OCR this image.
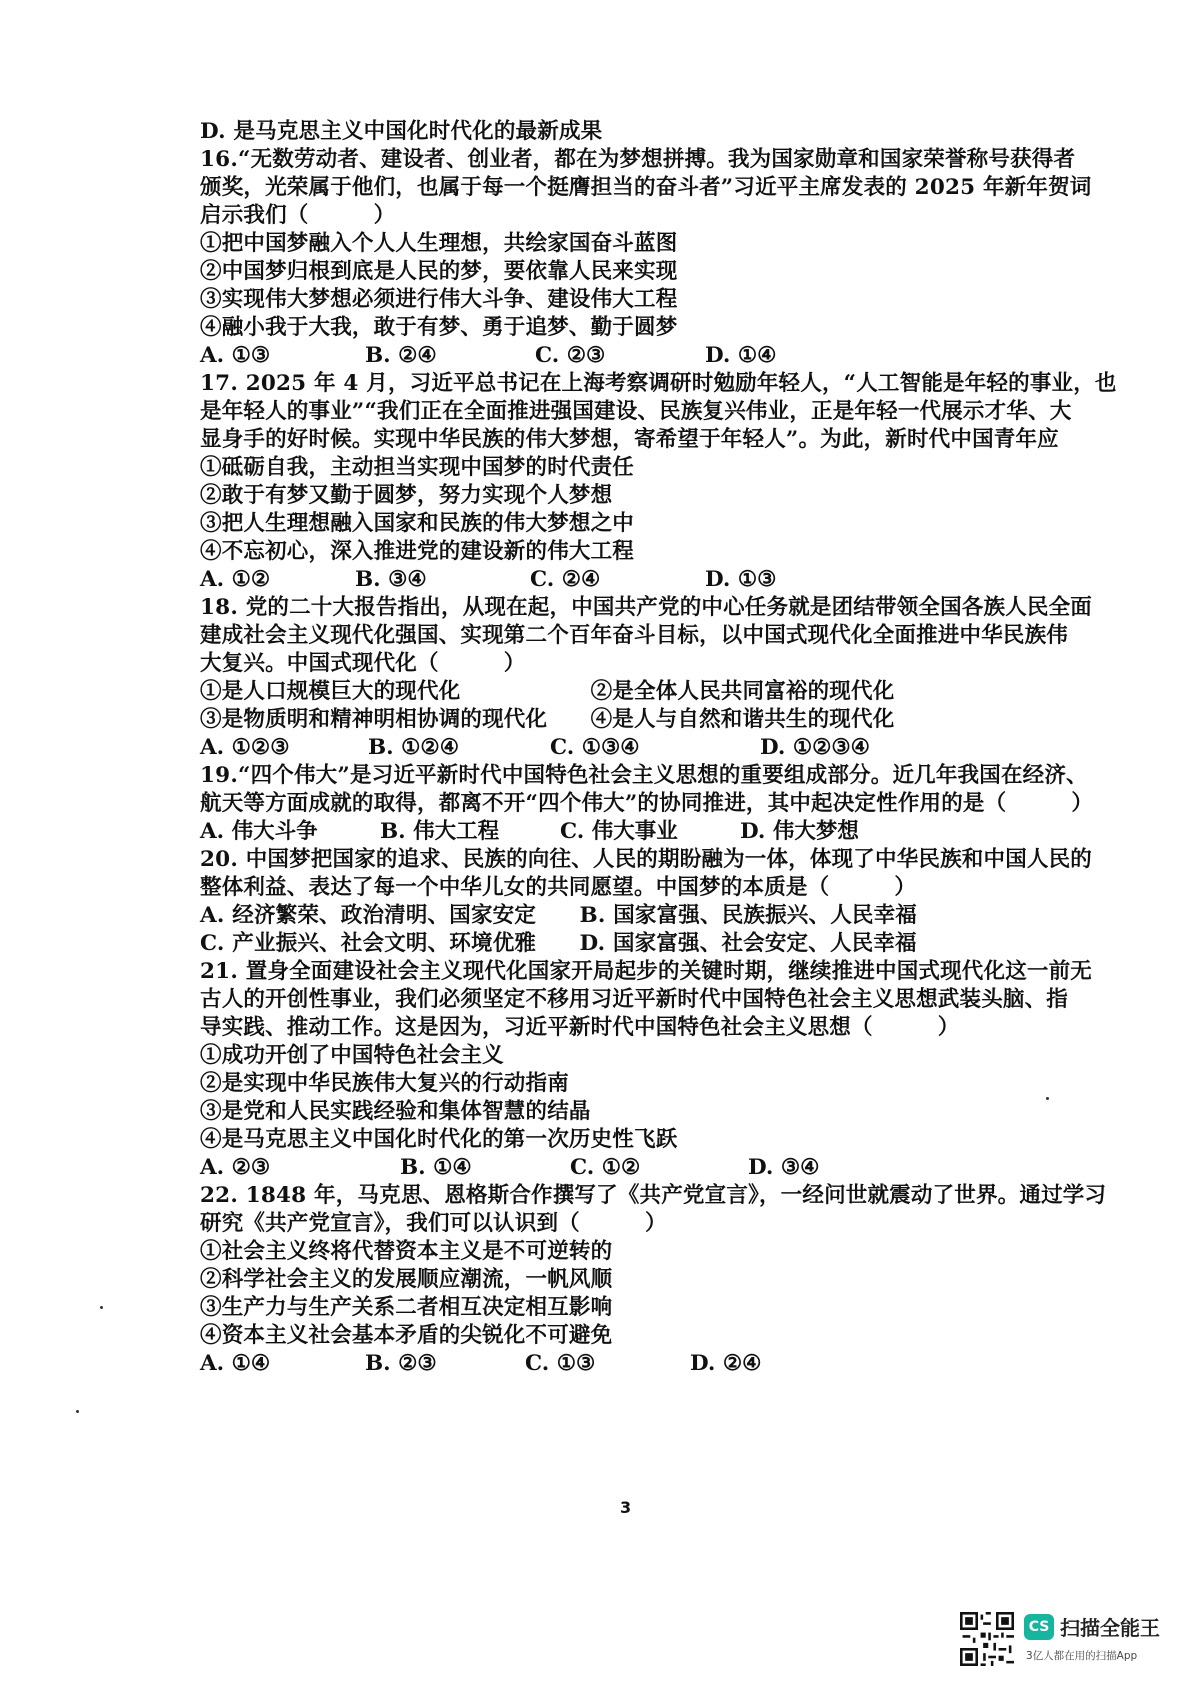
D. 是马克思主义中国化时代化的最新成果
16.“无数劳动者、建设者、创业者，都在为梦想拼搏。我为国家勋章和国家荣誉称号获得者
颁奖，光荣属于他们，也属于每一个挺膺担当的奋斗者”习近平主席发表的 2025 年新年贺词
启示我们（　　　）
①把中国梦融入个人人生理想，共绘家国奋斗蓝图
②中国梦归根到底是人民的梦，要依靠人民来实现
③实现伟大梦想必须进行伟大斗争、建设伟大工程
④融小我于大我，敢于有梦、勇于追梦、勤于圆梦
A. ①③	B. ②④	C. ②③	D. ①④
17. 2025 年 4 月，习近平总书记在上海考察调研时勉励年轻人，“人工智能是年轻的事业，也
是年轻人的事业”“我们正在全面推进强国建设、民族复兴伟业，正是年轻一代展示才华、大
显身手的好时候。实现中华民族的伟大梦想，寄希望于年轻人”。为此，新时代中国青年应
①砥砺自我，主动担当实现中国梦的时代责任
②敢于有梦又勤于圆梦，努力实现个人梦想
③把人生理想融入国家和民族的伟大梦想之中
④不忘初心，深入推进党的建设新的伟大工程
A. ①②	B. ③④	C. ②④	D. ①③
18. 党的二十大报告指出，从现在起，中国共产党的中心任务就是团结带领全国各族人民全面
建成社会主义现代化强国、实现第二个百年奋斗目标，以中国式现代化全面推进中华民族伟
大复兴。中国式现代化（　　　）
①是人口规模巨大的现代化　　　　　　②是全体人民共同富裕的现代化
③是物质明和精神明相协调的现代化　　④是人与自然和谐共生的现代化
A. ①②③	B. ①②④	C. ①③④	D. ①②③④
19.“四个伟大”是习近平新时代中国特色社会主义思想的重要组成部分。近几年我国在经济、
航天等方面成就的取得，都离不开“四个伟大”的协同推进，其中起决定性作用的是（　　　）
A. 伟大斗争	B. 伟大工程	C. 伟大事业	D. 伟大梦想
20. 中国梦把国家的追求、民族的向往、人民的期盼融为一体，体现了中华民族和中国人民的
整体利益、表达了每一个中华儿女的共同愿望。中国梦的本质是（　　　）
A. 经济繁荣、政治清明、国家安定　　B. 国家富强、民族振兴、人民幸福
C. 产业振兴、社会文明、环境优雅　　D. 国家富强、社会安定、人民幸福
21. 置身全面建设社会主义现代化国家开局起步的关键时期，继续推进中国式现代化这一前无
古人的开创性事业，我们必须坚定不移用习近平新时代中国特色社会主义思想武装头脑、指
导实践、推动工作。这是因为，习近平新时代中国特色社会主义思想（　　　）
①成功开创了中国特色社会主义
②是实现中华民族伟大复兴的行动指南
③是党和人民实践经验和集体智慧的结晶
④是马克思主义中国化时代化的第一次历史性飞跃
A. ②③	B. ①④	C. ①②	D. ③④
22. 1848 年，马克思、恩格斯合作撰写了《共产党宣言》，一经问世就震动了世界。通过学习
研究《共产党宣言》，我们可以认识到（　　　）
①社会主义终将代替资本主义是不可逆转的
②科学社会主义的发展顺应潮流，一帆风顺
③生产力与生产关系二者相互决定相互影响
④资本主义社会基本矛盾的尖锐化不可避免
A. ①④	B. ②③	C. ①③	D. ②④
3
CS 扫描全能王
3亿人都在用的扫描App
